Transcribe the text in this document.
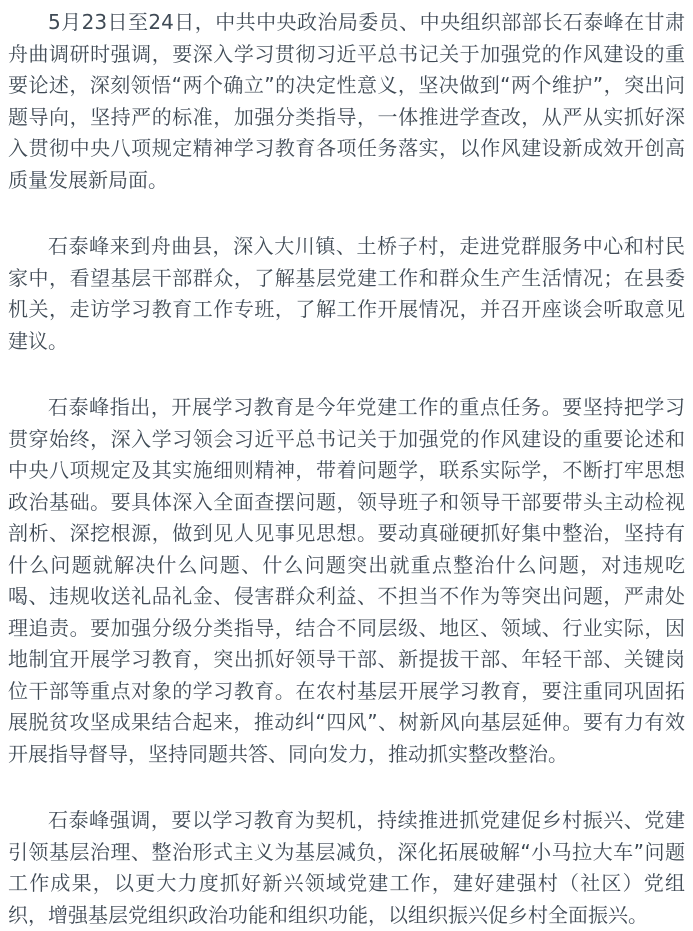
5月23日至24日，中共中央政治局委员、中央组织部部长石泰峰在甘肃舟曲调研时强调，要深入学习贯彻习近平总书记关于加强党的作风建设的重要论述，深刻领悟“两个确立”的决定性意义，坚决做到“两个维护”，突出问题导向，坚持严的标准，加强分类指导，一体推进学查改，从严从实抓好深入贯彻中央八项规定精神学习教育各项任务落实，以作风建设新成效开创高质量发展新局面。

石泰峰来到舟曲县，深入大川镇、土桥子村，走进党群服务中心和村民家中，看望基层干部群众，了解基层党建工作和群众生产生活情况；在县委机关，走访学习教育工作专班，了解工作开展情况，并召开座谈会听取意见建议。

石泰峰指出，开展学习教育是今年党建工作的重点任务。要坚持把学习贯穿始终，深入学习领会习近平总书记关于加强党的作风建设的重要论述和中央八项规定及其实施细则精神，带着问题学，联系实际学，不断打牢思想政治基础。要具体深入全面查摆问题，领导班子和领导干部要带头主动检视剖析、深挖根源，做到见人见事见思想。要动真碰硬抓好集中整治，坚持有什么问题就解决什么问题、什么问题突出就重点整治什么问题，对违规吃喝、违规收送礼品礼金、侵害群众利益、不担当不作为等突出问题，严肃处理追责。要加强分级分类指导，结合不同层级、地区、领域、行业实际，因地制宜开展学习教育，突出抓好领导干部、新提拔干部、年轻干部、关键岗位干部等重点对象的学习教育。在农村基层开展学习教育，要注重同巩固拓展脱贫攻坚成果结合起来，推动纠“四风”、树新风向基层延伸。要有力有效开展指导督导，坚持同题共答、同向发力，推动抓实整改整治。

石泰峰强调，要以学习教育为契机，持续推进抓党建促乡村振兴、党建引领基层治理、整治形式主义为基层减负，深化拓展破解“小马拉大车”问题工作成果，以更大力度抓好新兴领域党建工作，建好建强村（社区）党组织，增强基层党组织政治功能和组织功能，以组织振兴促乡村全面振兴。
